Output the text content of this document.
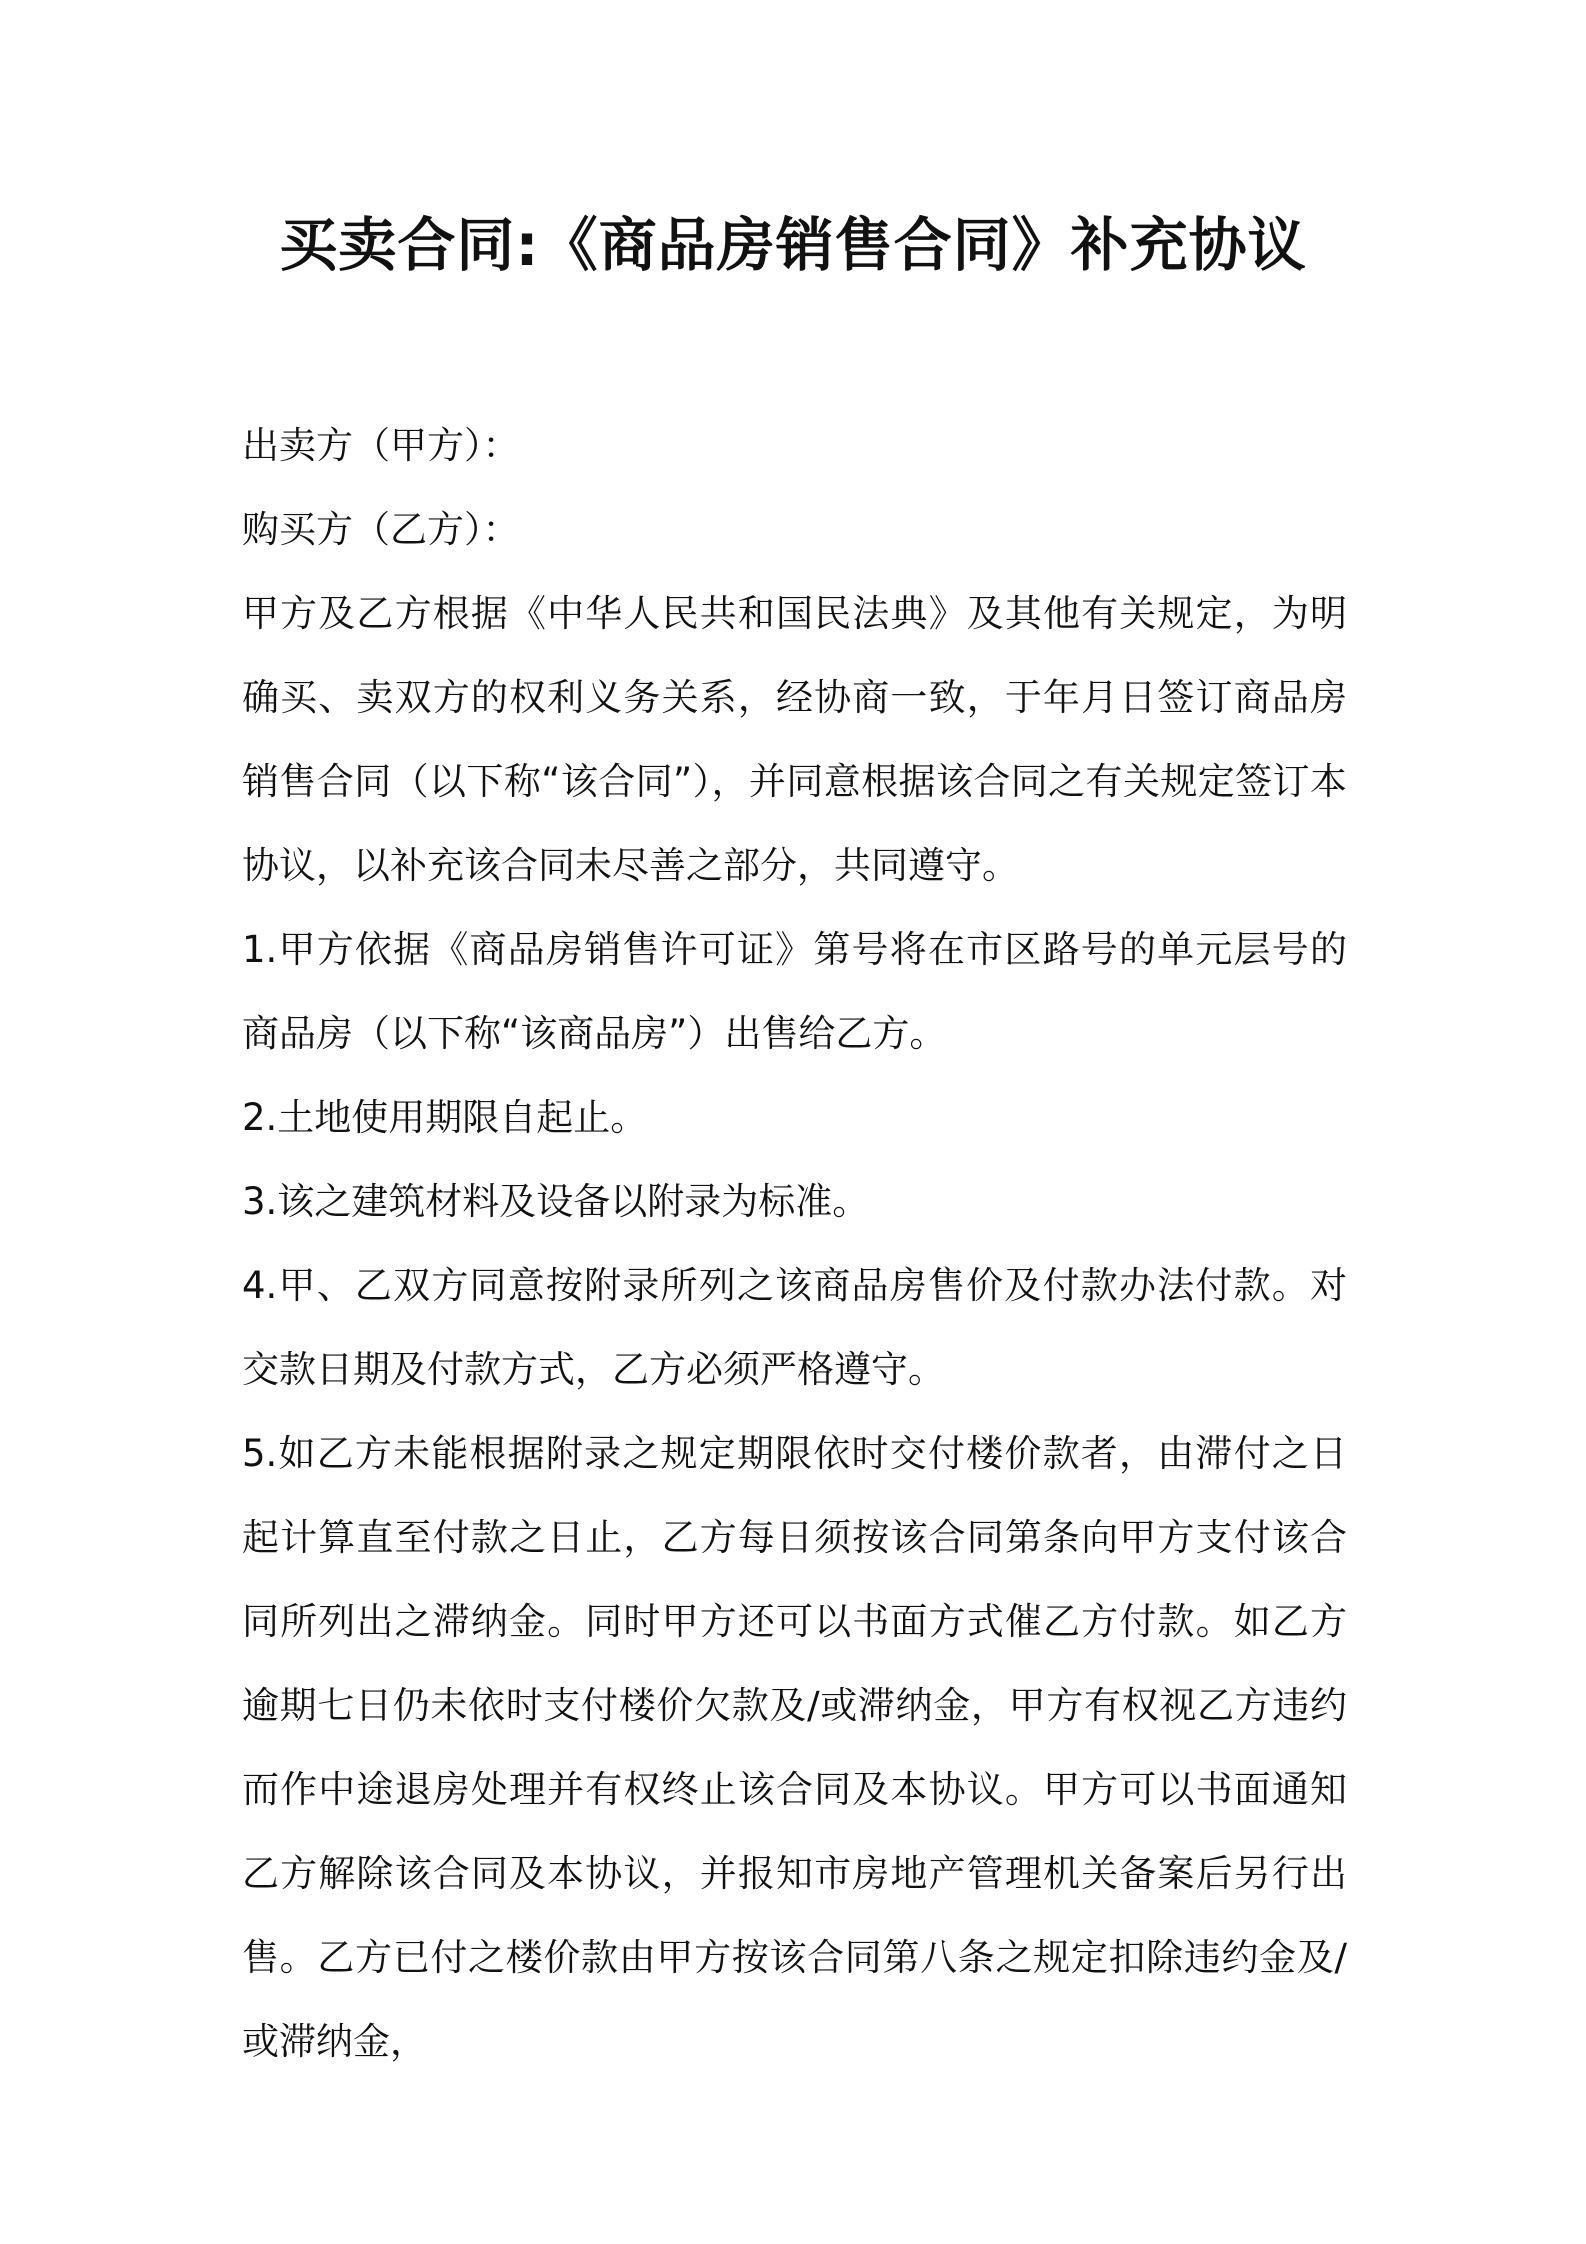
买卖合同:《商品房销售合同》补充协议

出卖方（甲方）：

购买方（乙方）：

甲方及乙方根据《中华人民共和国民法典》及其他有关规定，为明确买、卖双方的权利义务关系，经协商一致，于年月日签订商品房销售合同（以下称“该合同”），并同意根据该合同之有关规定签订本协议，以补充该合同未尽善之部分，共同遵守。

1.甲方依据《商品房销售许可证》第号将在市区路号的单元层号的商品房（以下称“该商品房”）出售给乙方。

2.土地使用期限自起止。

3.该之建筑材料及设备以附录为标准。

4.甲、乙双方同意按附录所列之该商品房售价及付款办法付款。对交款日期及付款方式，乙方必须严格遵守。

5.如乙方未能根据附录之规定期限依时交付楼价款者，由滞付之日起计算直至付款之日止，乙方每日须按该合同第条向甲方支付该合同所列出之滞纳金。同时甲方还可以书面方式催乙方付款。如乙方逾期七日仍未依时支付楼价欠款及/或滞纳金，甲方有权视乙方违约而作中途退房处理并有权终止该合同及本协议。甲方可以书面通知乙方解除该合同及本协议，并报知市房地产管理机关备案后另行出售。乙方已付之楼价款由甲方按该合同第八条之规定扣除违约金及/或滞纳金，
